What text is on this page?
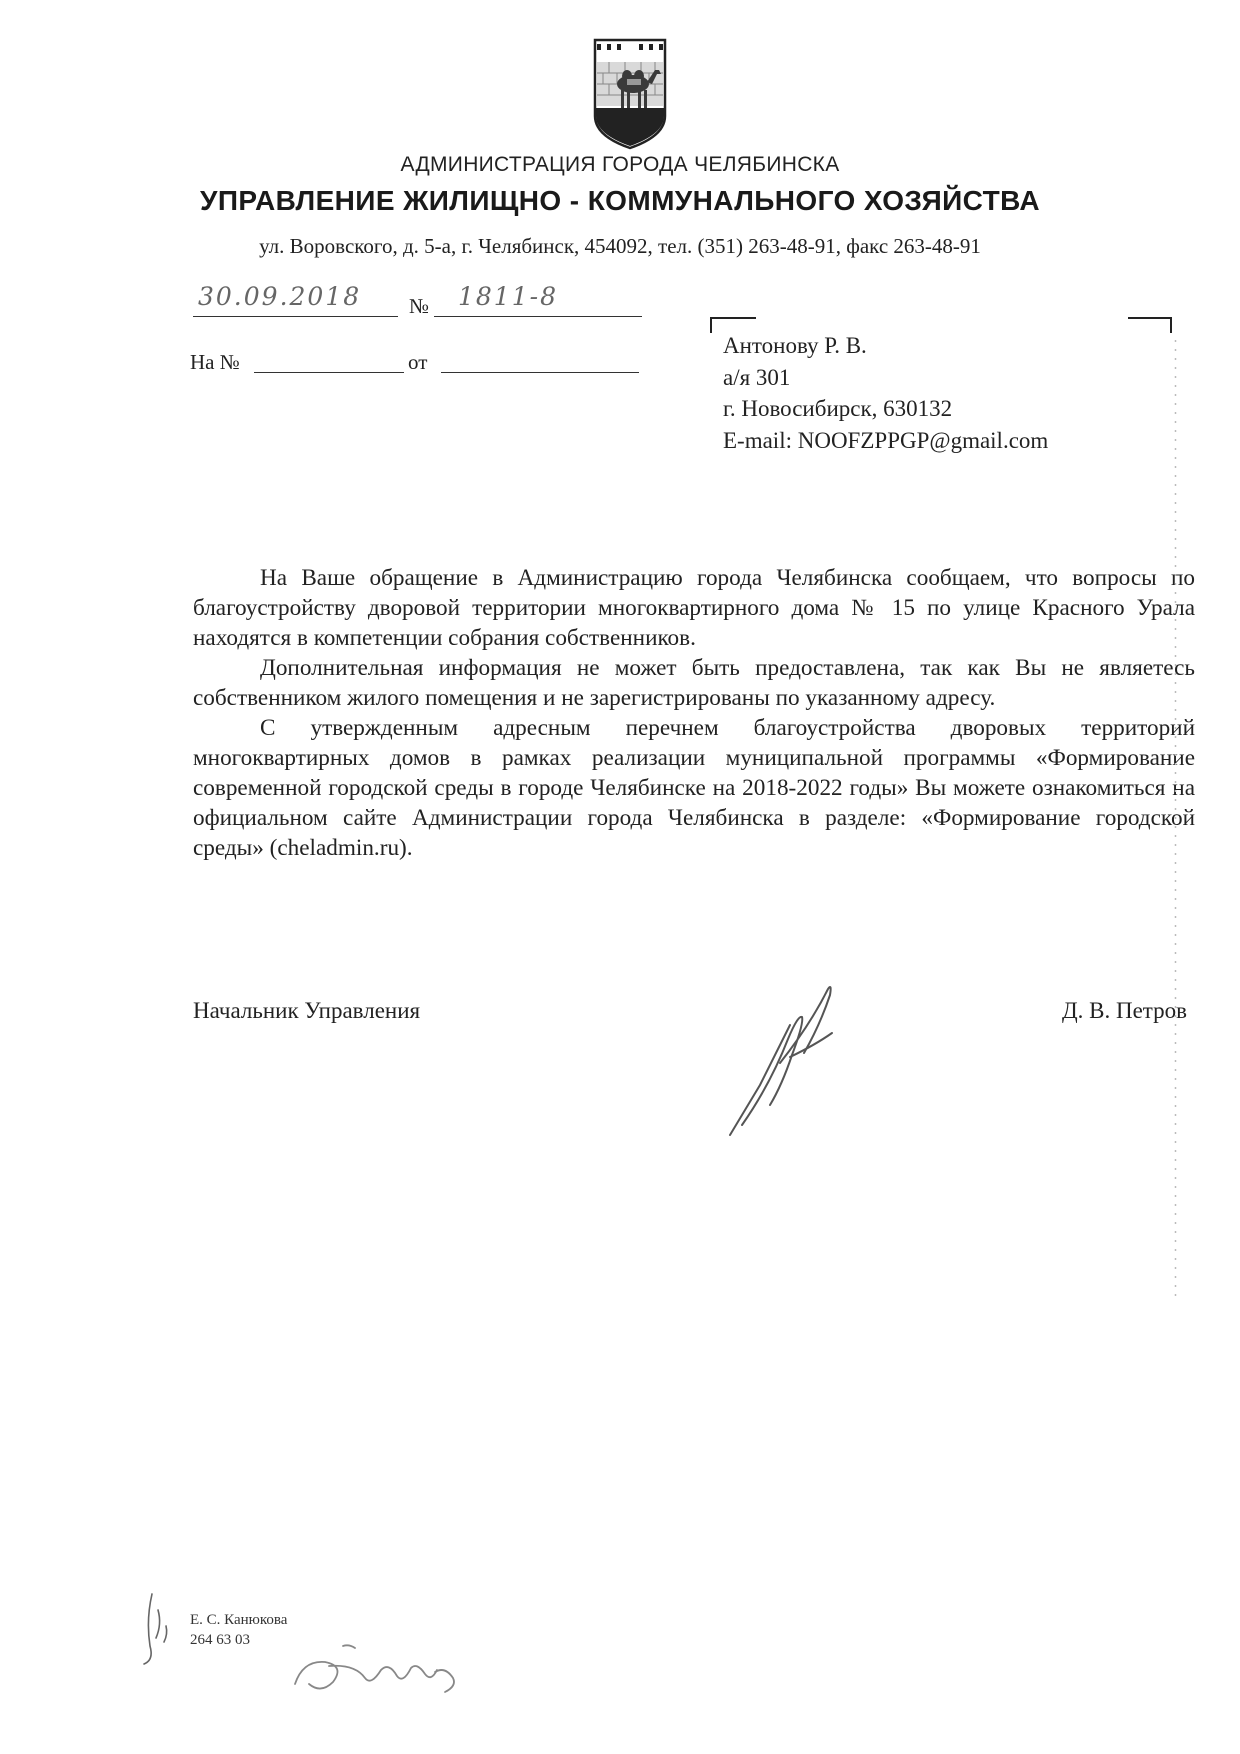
АДМИНИСТРАЦИЯ ГОРОДА ЧЕЛЯБИНСКА
УПРАВЛЕНИЕ ЖИЛИЩНО - КОММУНАЛЬНОГО ХОЗЯЙСТВА
ул. Воровского, д. 5-а, г. Челябинск, 454092, тел. (351) 263-48-91, факс 263-48-91
30.09.2018 № 1811-8
На №	от
Антонову Р. В.
а/я 301
г. Новосибирск, 630132
E-mail: NOOFZPPGP@gmail.com

На Ваше обращение в Администрацию города Челябинска сообщаем, что вопросы по благоустройству дворовой территории многоквартирного дома № 15 по улице Красного Урала находятся в компетенции собрания собственников.

Дополнительная информация не может быть предоставлена, так как Вы не являетесь собственником жилого помещения и не зарегистрированы по указанному адресу.

С утвержденным адресным перечнем благоустройства дворовых территорий многоквартирных домов в рамках реализации муниципальной программы «Формирование современной городской среды в городе Челябинске на 2018-2022 годы» Вы можете ознакомиться на официальном сайте Администрации города Челябинска в разделе: «Формирование городской среды» (cheladmin.ru).

Начальник Управления	Д. В. Петров
Е. С. Канюкова
264 63 03
